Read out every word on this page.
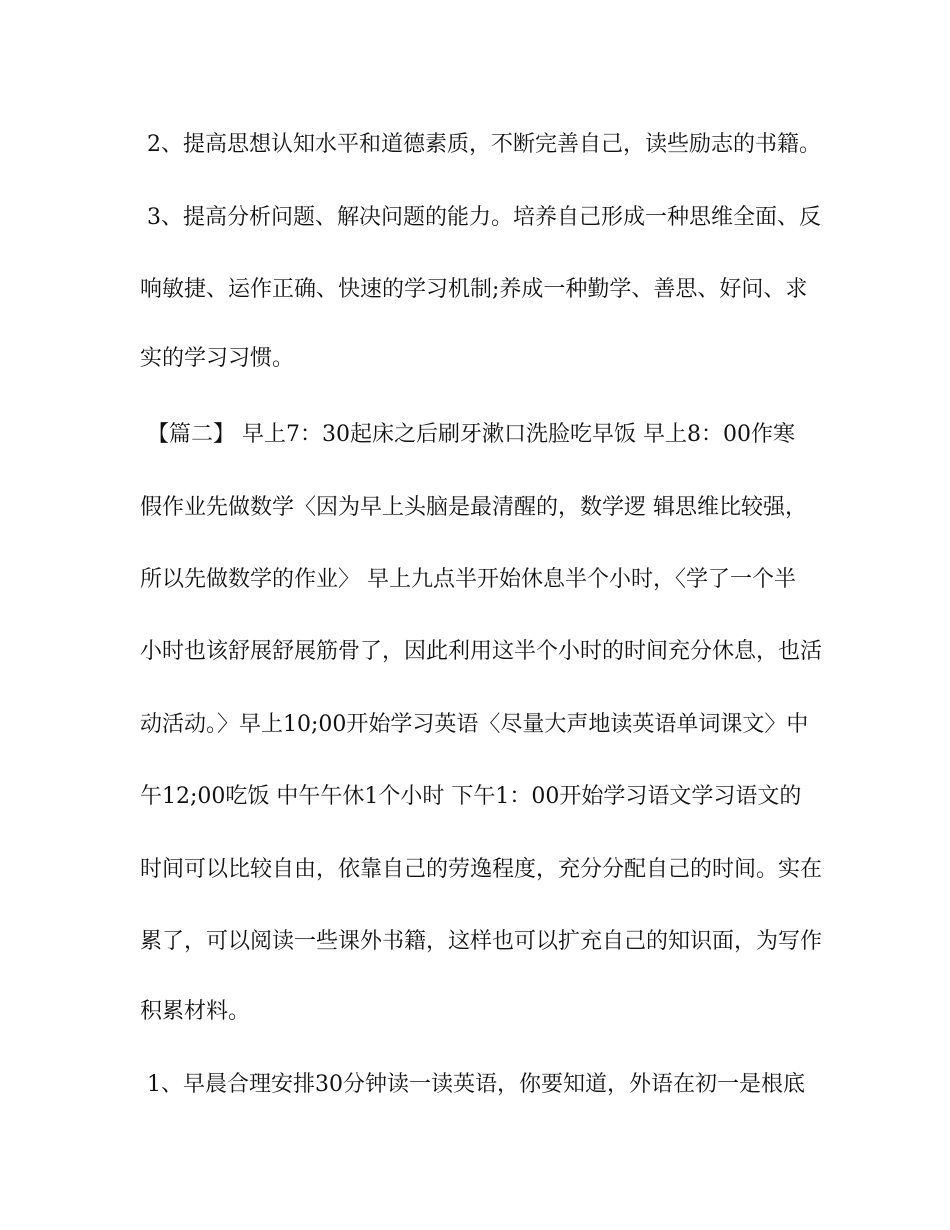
2、提高思想认知水平和道德素质，不断完善自己，读些励志的书籍。
3、提高分析问题、解决问题的能力。培养自己形成一种思维全面、反
响敏捷、运作正确、快速的学习机制;养成一种勤学、善思、好问、求
实的学习习惯。
【篇二】 早上7：30起床之后刷牙漱口洗脸吃早饭 早上8：00作寒
假作业先做数学〈因为早上头脑是最清醒的，数学逻 辑思维比较强，
所以先做数学的作业〉 早上九点半开始休息半个小时，〈学了一个半
小时也该舒展舒展筋骨了，因此利用这半个小时的时间充分休息，也活
动活动。〉早上10;00开始学习英语〈尽量大声地读英语单词课文〉中
午12;00吃饭 中午午休1个小时 下午1：00开始学习语文学习语文的
时间可以比较自由，依靠自己的劳逸程度，充分分配自己的时间。实在
累了，可以阅读一些课外书籍，这样也可以扩充自己的知识面，为写作
积累材料。
1、早晨合理安排30分钟读一读英语，你要知道，外语在初一是根底
